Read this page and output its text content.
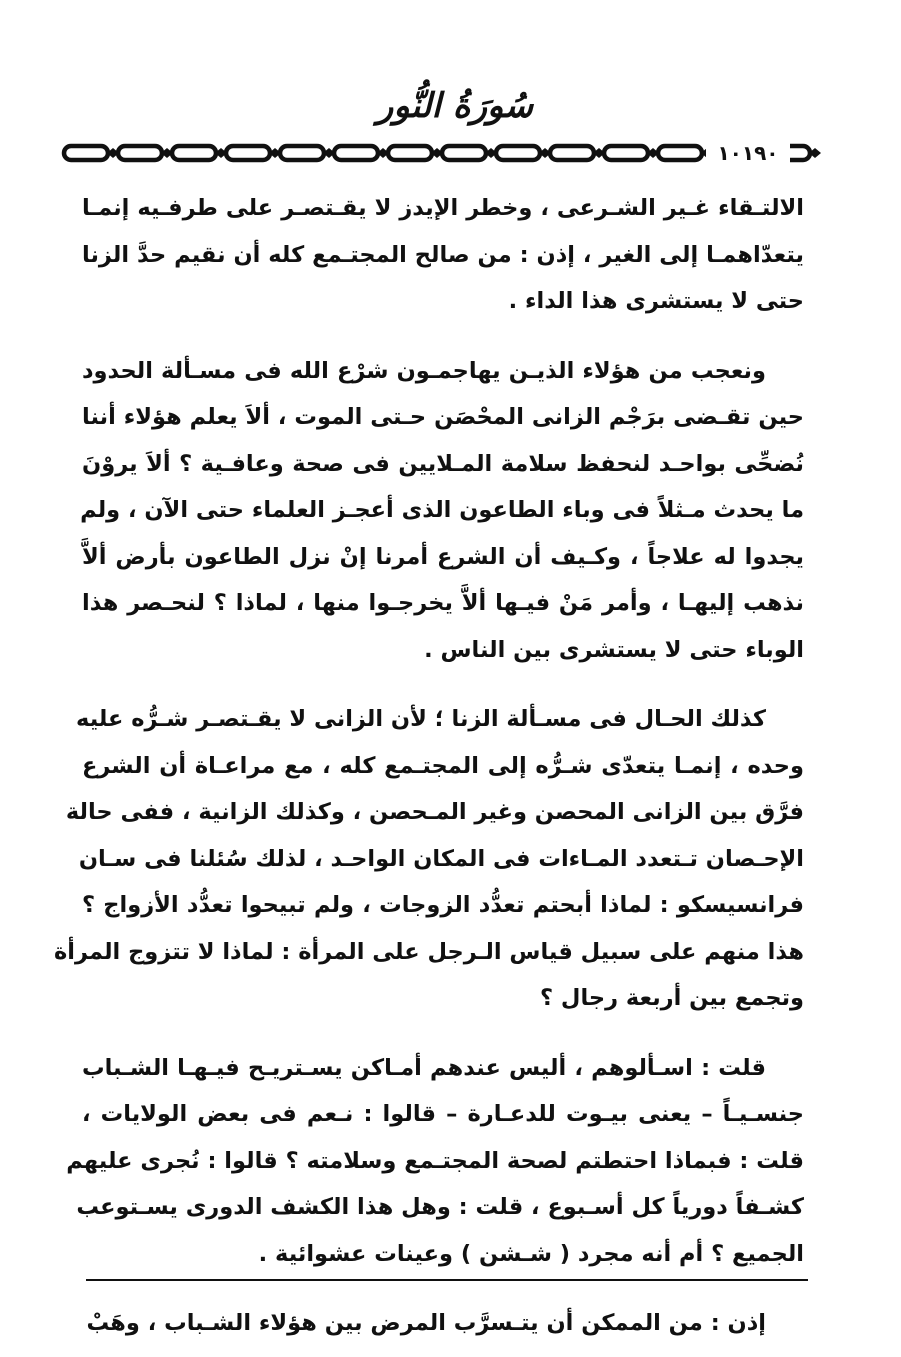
سُورَةُ النُّور
١٠١٩٠

الالتـقاء غـير الشـرعى ، وخطر الإيدز لا يقـتصـر على طرفـيه إنمـا
يتعدّاهمـا إلى الغير ، إذن : من صالح المجتـمع كله أن نقيم حدَّ الزنا
حتى لا يستشرى هذا الداء .

ونعجب من هؤلاء الذيـن يهاجمـون شرْع الله فى مسـألة الحدود
حين تقـضى برَجْم الزانى المحْصَن حـتى الموت ، ألاَ يعلم هؤلاء أننا
نُضحِّى بواحـد لنحفظ سلامة المـلايين فى صحة وعافـية ؟ ألاَ يروْنَ
ما يحدث مـثلاً فى وباء الطاعون الذى أعجـز العلماء حتى الآن ، ولم
يجدوا له علاجاً ، وكـيف أن الشرع أمرنا إنْ نزل الطاعون بأرض ألاَّ
نذهب إليهـا ، وأمر مَنْ فيـها ألاَّ يخرجـوا منها ، لماذا ؟ لنحـصر هذا
الوباء حتى لا يستشرى بين الناس .

كذلك الحـال فى مسـألة الزنا ؛ لأن الزانى لا يقـتصـر شـرُّه عليه
وحده ، إنمـا يتعدّى شـرُّه إلى المجتـمع كله ، مع مراعـاة أن الشرع
فرَّق بين الزانى المحصن وغير المـحصن ، وكذلك الزانية ، ففى حالة
الإحـصان تـتعدد المـاءات فى المكان الواحـد ، لذلك سُئلنا فى سـان
فرانسيسكو : لماذا أبحتم تعدُّد الزوجات ، ولم تبيحوا تعدُّد الأزواج ؟
هذا منهم على سبيل قياس الـرجل على المرأة : لماذا لا تتزوج المرأة
وتجمع بين أربعة رجال ؟

قلت : اسـألوهم ، أليس عندهم أمـاكن يسـتريـح فيـهـا الشـباب
جنسـيـاً – يعنى بيـوت للدعـارة – قالوا : نـعم فى بعض الولايات ،
قلت : فبماذا احتطتم لصحة المجتـمع وسلامته ؟ قالوا : نُجرى عليهم
كشـفاً دورياً كل أسـبوع ، قلت : وهل هذا الكشف الدورى يسـتوعب
الجميع ؟ أم أنه مجرد ( شـشن ) وعينات عشوائية .

إذن : من الممكن أن يتـسرَّب المرض بين هؤلاء الشـباب ، وهَبْ
